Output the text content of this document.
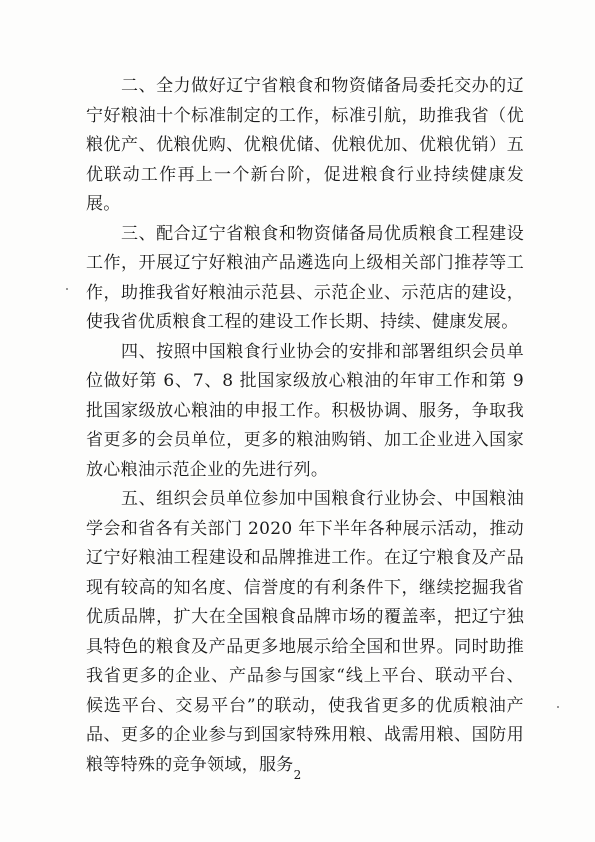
　　二、全力做好辽宁省粮食和物资储备局委托交办的辽宁好粮油十个标准制定的工作，标准引航，助推我省（优粮优产、优粮优购、优粮优储、优粮优加、优粮优销）五优联动工作再上一个新台阶，促进粮食行业持续健康发展。

　　三、配合辽宁省粮食和物资储备局优质粮食工程建设工作，开展辽宁好粮油产品遴选向上级相关部门推荐等工作，助推我省好粮油示范县、示范企业、示范店的建设，使我省优质粮食工程的建设工作长期、持续、健康发展。

　　四、按照中国粮食行业协会的安排和部署组织会员单位做好第 6、7、8 批国家级放心粮油的年审工作和第 9 批国家级放心粮油的申报工作。积极协调、服务，争取我省更多的会员单位，更多的粮油购销、加工企业进入国家放心粮油示范企业的先进行列。

　　五、组织会员单位参加中国粮食行业协会、中国粮油学会和省各有关部门 2020 年下半年各种展示活动，推动辽宁好粮油工程建设和品牌推进工作。在辽宁粮食及产品现有较高的知名度、信誉度的有利条件下，继续挖掘我省优质品牌，扩大在全国粮食品牌市场的覆盖率，把辽宁独具特色的粮食及产品更多地展示给全国和世界。同时助推我省更多的企业、产品参与国家“线上平台、联动平台、候选平台、交易平台”的联动，使我省更多的优质粮油产品、更多的企业参与到国家特殊用粮、战需用粮、国防用粮等特殊的竞争领域，服务

2
